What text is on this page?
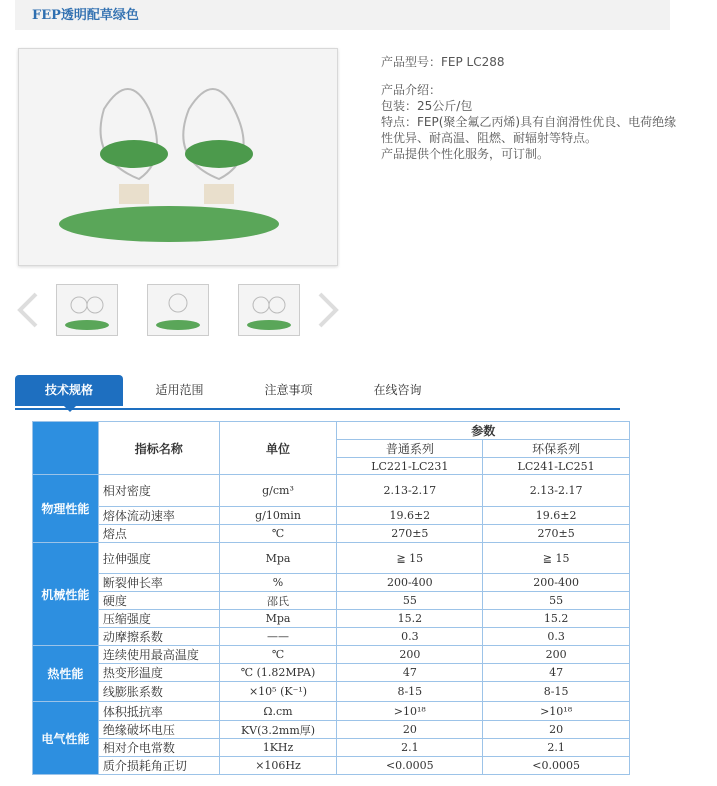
FEP透明配草绿色
产品型号：FEP LC288
产品介绍：
包装：25公斤/包
特点：FEP(聚全氟乙丙烯)具有自润滑性优良、电荷绝缘性优异、耐高温、阻燃、耐辐射等特点。
产品提供个性化服务，可订制。
技术规格	适用范围	注意事项	在线咨询
	指标名称	单位	参数	
			普通系列	环保系列
			LC221-LC231	LC241-LC251
物理性能	相对密度	g/cm³	2.13-2.17	2.13-2.17
	熔体流动速率	g/10min	19.6±2	19.6±2
	熔点	℃	270±5	270±5
机械性能	拉伸强度	Mpa	≧ 15	≧ 15
	断裂伸长率	%	200-400	200-400
	硬度	邵氏	55	55
	压缩强度	Mpa	15.2	15.2
	动摩擦系数	——	0.3	0.3
热性能	连续使用最高温度	℃	200	200
	热变形温度	℃ (1.82MPA)	47	47
	线膨胀系数	×10⁵ (K⁻¹)	8-15	8-15
电气性能	体积抵抗率	Ω.cm	>10¹⁸	>10¹⁸
	绝缘破坏电压	KV(3.2mm厚)	20	20
	相对介电常数	1KHz	2.1	2.1
	质介损耗角正切	×106Hz	<0.0005	<0.0005
